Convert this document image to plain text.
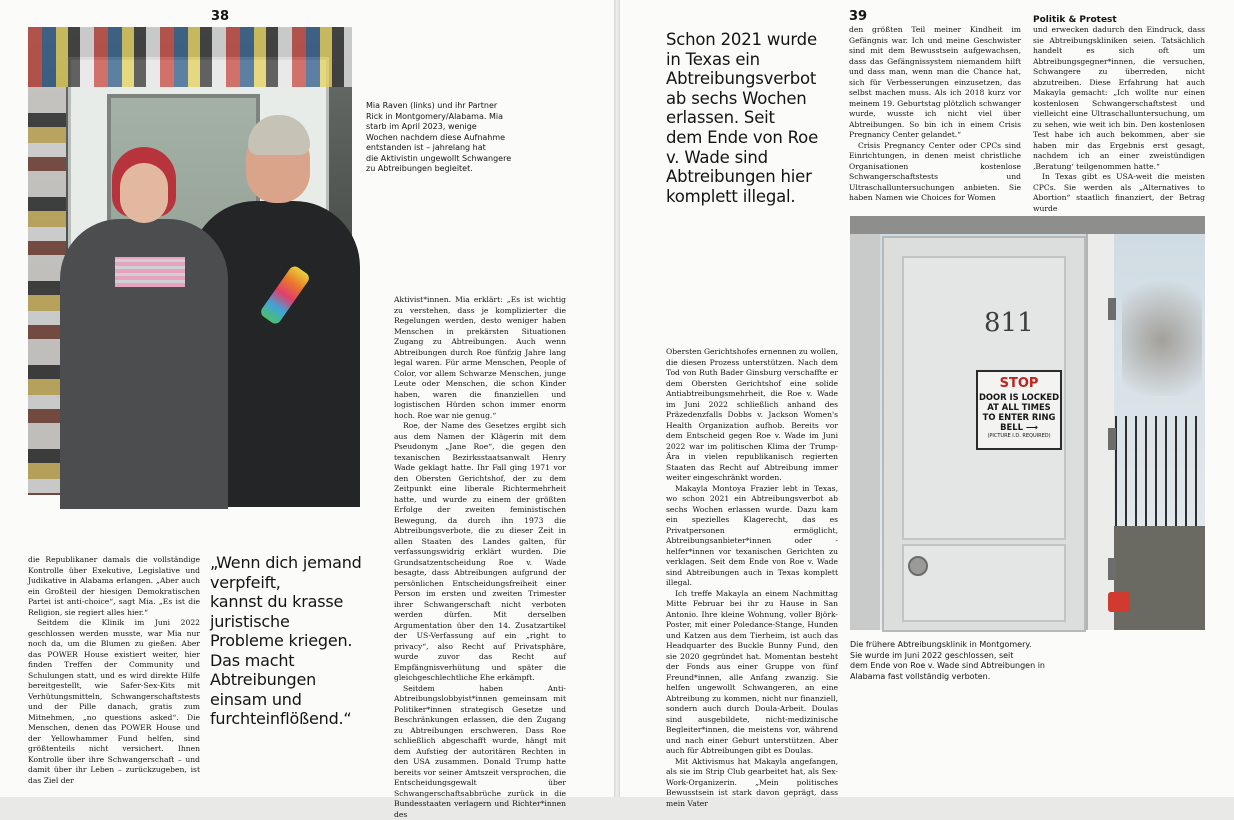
38
Mia Raven (links) und ihr Partner
Rick in Montgomery/Alabama. Mia
starb im April 2023, wenige
Wochen nachdem diese Aufnahme
entstanden ist – jahrelang hat
die Aktivistin ungewollt Schwangere
zu Abtreibungen begleitet.

Aktivist*innen. Mia erklärt: „Es ist wichtig zu verstehen, dass je komplizierter die Regelungen werden, desto weniger haben Menschen in prekärsten Situationen Zugang zu Abtreibungen. Auch wenn Abtreibungen durch Roe fünfzig Jahre lang legal waren. Für arme Menschen, People of Color, vor allem Schwarze Menschen, junge Leute oder Menschen, die schon Kinder haben, waren die finanziellen und logistischen Hürden schon immer enorm hoch. Roe war nie genug.“

Roe, der Name des Gesetzes ergibt sich aus dem Namen der Klägerin mit dem Pseudonym „Jane Roe“, die gegen den texanischen Bezirksstaatsanwalt Henry Wade geklagt hatte. Ihr Fall ging 1971 vor den Obersten Gerichtshof, der zu dem Zeitpunkt eine liberale Richtermehrheit hatte, und wurde zu einem der größten Erfolge der zweiten feministischen Bewegung, da durch ihn 1973 die Abtreibungsverbote, die zu dieser Zeit in allen Staaten des Landes galten, für verfassungswidrig erklärt wurden. Die Grundsatzentscheidung Roe v. Wade besagte, dass Abtreibungen aufgrund der persönlichen Entscheidungsfreiheit einer Person im ersten und zweiten Trimester ihrer Schwangerschaft nicht verboten werden dürfen. Mit derselben Argumentation über den 14. Zusatzartikel der US-Verfassung auf ein „right to privacy“, also Recht auf Privatsphäre, wurde zuvor das Recht auf Empfängnisverhütung und später die gleichgeschlechtliche Ehe erkämpft.

Seitdem haben Anti-Abtreibungslobbyist*innen gemeinsam mit Politiker*innen strategisch Gesetze und Beschränkungen erlassen, die den Zugang zu Abtreibungen erschweren. Dass Roe schließlich abgeschafft wurde, hängt mit dem Aufstieg der autoritären Rechten in den USA zusammen. Donald Trump hatte bereits vor seiner Amtszeit versprochen, die Entscheidungsgewalt über Schwangerschaftsabbrüche zurück in die Bundesstaaten verlagern und Richter*innen des

die Republikaner damals die vollständige Kontrolle über Exekutive, Legislative und Judikative in Alabama erlangen. „Aber auch ein Großteil der hiesigen Demokratischen Partei ist anti-choice“, sagt Mia. „Es ist die Religion, sie regiert alles hier.“

Seitdem die Klinik im Juni 2022 geschlossen werden musste, war Mia nur noch da, um die Blumen zu gießen. Aber das POWER House existiert weiter, hier finden Treffen der Community und Schulungen statt, und es wird direkte Hilfe bereitgestellt, wie Safer-Sex-Kits mit Verhütungsmitteln, Schwangerschaftstests und der Pille danach, gratis zum Mitnehmen, „no questions asked“. Die Menschen, denen das POWER House und der Yellowhammer Fund helfen, sind größtenteils nicht versichert. Ihnen Kontrolle über ihre Schwangerschaft – und damit über ihr Leben – zurückzugeben, ist das Ziel der

„Wenn dich jemand
verpfeift,
kannst du krasse
juristische
Probleme kriegen.
Das macht
Abtreibungen
einsam und
furchteinflößend.“
39	Politik & Protest
Schon 2021 wurde
in Texas ein
Abtreibungsverbot
ab sechs Wochen
erlassen. Seit
dem Ende von Roe
v. Wade sind
Abtreibungen hier
komplett illegal.

den größten Teil meiner Kindheit im Gefängnis war. Ich und meine Geschwister sind mit dem Bewusstsein aufgewachsen, dass das Gefängnissystem niemandem hilft und dass man, wenn man die Chance hat, sich für Verbesserungen einzusetzen, das selbst machen muss. Als ich 2018 kurz vor meinem 19. Geburtstag plötzlich schwanger wurde, wusste ich nicht viel über Abtreibungen. So bin ich in einem Crisis Pregnancy Center gelandet.“

Crisis Pregnancy Center oder CPCs sind Einrichtungen, in denen meist christliche Organisationen kostenlose Schwangerschaftstests und Ultraschalluntersuchungen anbieten. Sie haben Namen wie Choices for Women

und erwecken dadurch den Eindruck, dass sie Abtreibungskliniken seien. Tatsächlich handelt es sich oft um Abtreibungsgegner*innen, die versuchen, Schwangere zu überreden, nicht abzutreiben. Diese Erfahrung hat auch Makayla gemacht: „Ich wollte nur einen kostenlosen Schwangerschaftstest und vielleicht eine Ultraschalluntersuchung, um zu sehen, wie weit ich bin. Den kostenlosen Test habe ich auch bekommen, aber sie haben mir das Ergebnis erst gesagt, nachdem ich an einer zweistündigen ‚Beratung‘ teilgenommen hatte.“

In Texas gibt es USA-weit die meisten CPCs. Sie werden als „Alternatives to Abortion“ staatlich finanziert, der Betrag wurde

Obersten Gerichtshofes ernennen zu wollen, die diesen Prozess unterstützen. Nach dem Tod von Ruth Bader Ginsburg verschaffte er dem Obersten Gerichtshof eine solide Antiabtreibungsmehrheit, die Roe v. Wade im Juni 2022 schließlich anhand des Präzedenzfalls Dobbs v. Jackson Women's Health Organization aufhob. Bereits vor dem Entscheid gegen Roe v. Wade im Juni 2022 war im politischen Klima der Trump-Ära in vielen republikanisch regierten Staaten das Recht auf Abtreibung immer weiter eingeschränkt worden.

Makayla Montoya Frazier lebt in Texas, wo schon 2021 ein Abtreibungsverbot ab sechs Wochen erlassen wurde. Dazu kam ein spezielles Klagerecht, das es Privatpersonen ermöglicht, Abtreibungsanbieter*innen oder -helfer*innen vor texanischen Gerichten zu verklagen. Seit dem Ende von Roe v. Wade sind Abtreibungen auch in Texas komplett illegal.

Ich treffe Makayla an einem Nachmittag Mitte Februar bei ihr zu Hause in San Antonio. Ihre kleine Wohnung, voller Björk-Poster, mit einer Poledance-Stange, Hunden und Katzen aus dem Tierheim, ist auch das Headquarter des Buckle Bunny Fund, den sie 2020 gegründet hat. Momentan besteht der Fonds aus einer Gruppe von fünf Freund*innen, alle Anfang zwanzig. Sie helfen ungewollt Schwangeren, an eine Abtreibung zu kommen, nicht nur finanziell, sondern auch durch Doula-Arbeit. Doulas sind ausgebildete, nicht-medizinische Begleiter*innen, die meistens vor, während und nach einer Geburt unterstützen. Aber auch für Abtreibungen gibt es Doulas.

Mit Aktivismus hat Makayla angefangen, als sie im Strip Club gearbeitet hat, als Sex-Work-Organizerin. „Mein politisches Bewusstsein ist stark davon geprägt, dass mein Vater

811
STOP
DOOR IS LOCKED
AT ALL TIMES
TO ENTER RING
BELL ⟶
(PICTURE I.D. REQUIRED)
Die frühere Abtreibungsklinik in Montgomery.
Sie wurde im Juni 2022 geschlossen, seit
dem Ende von Roe v. Wade sind Abtreibungen in
Alabama fast vollständig verboten.
